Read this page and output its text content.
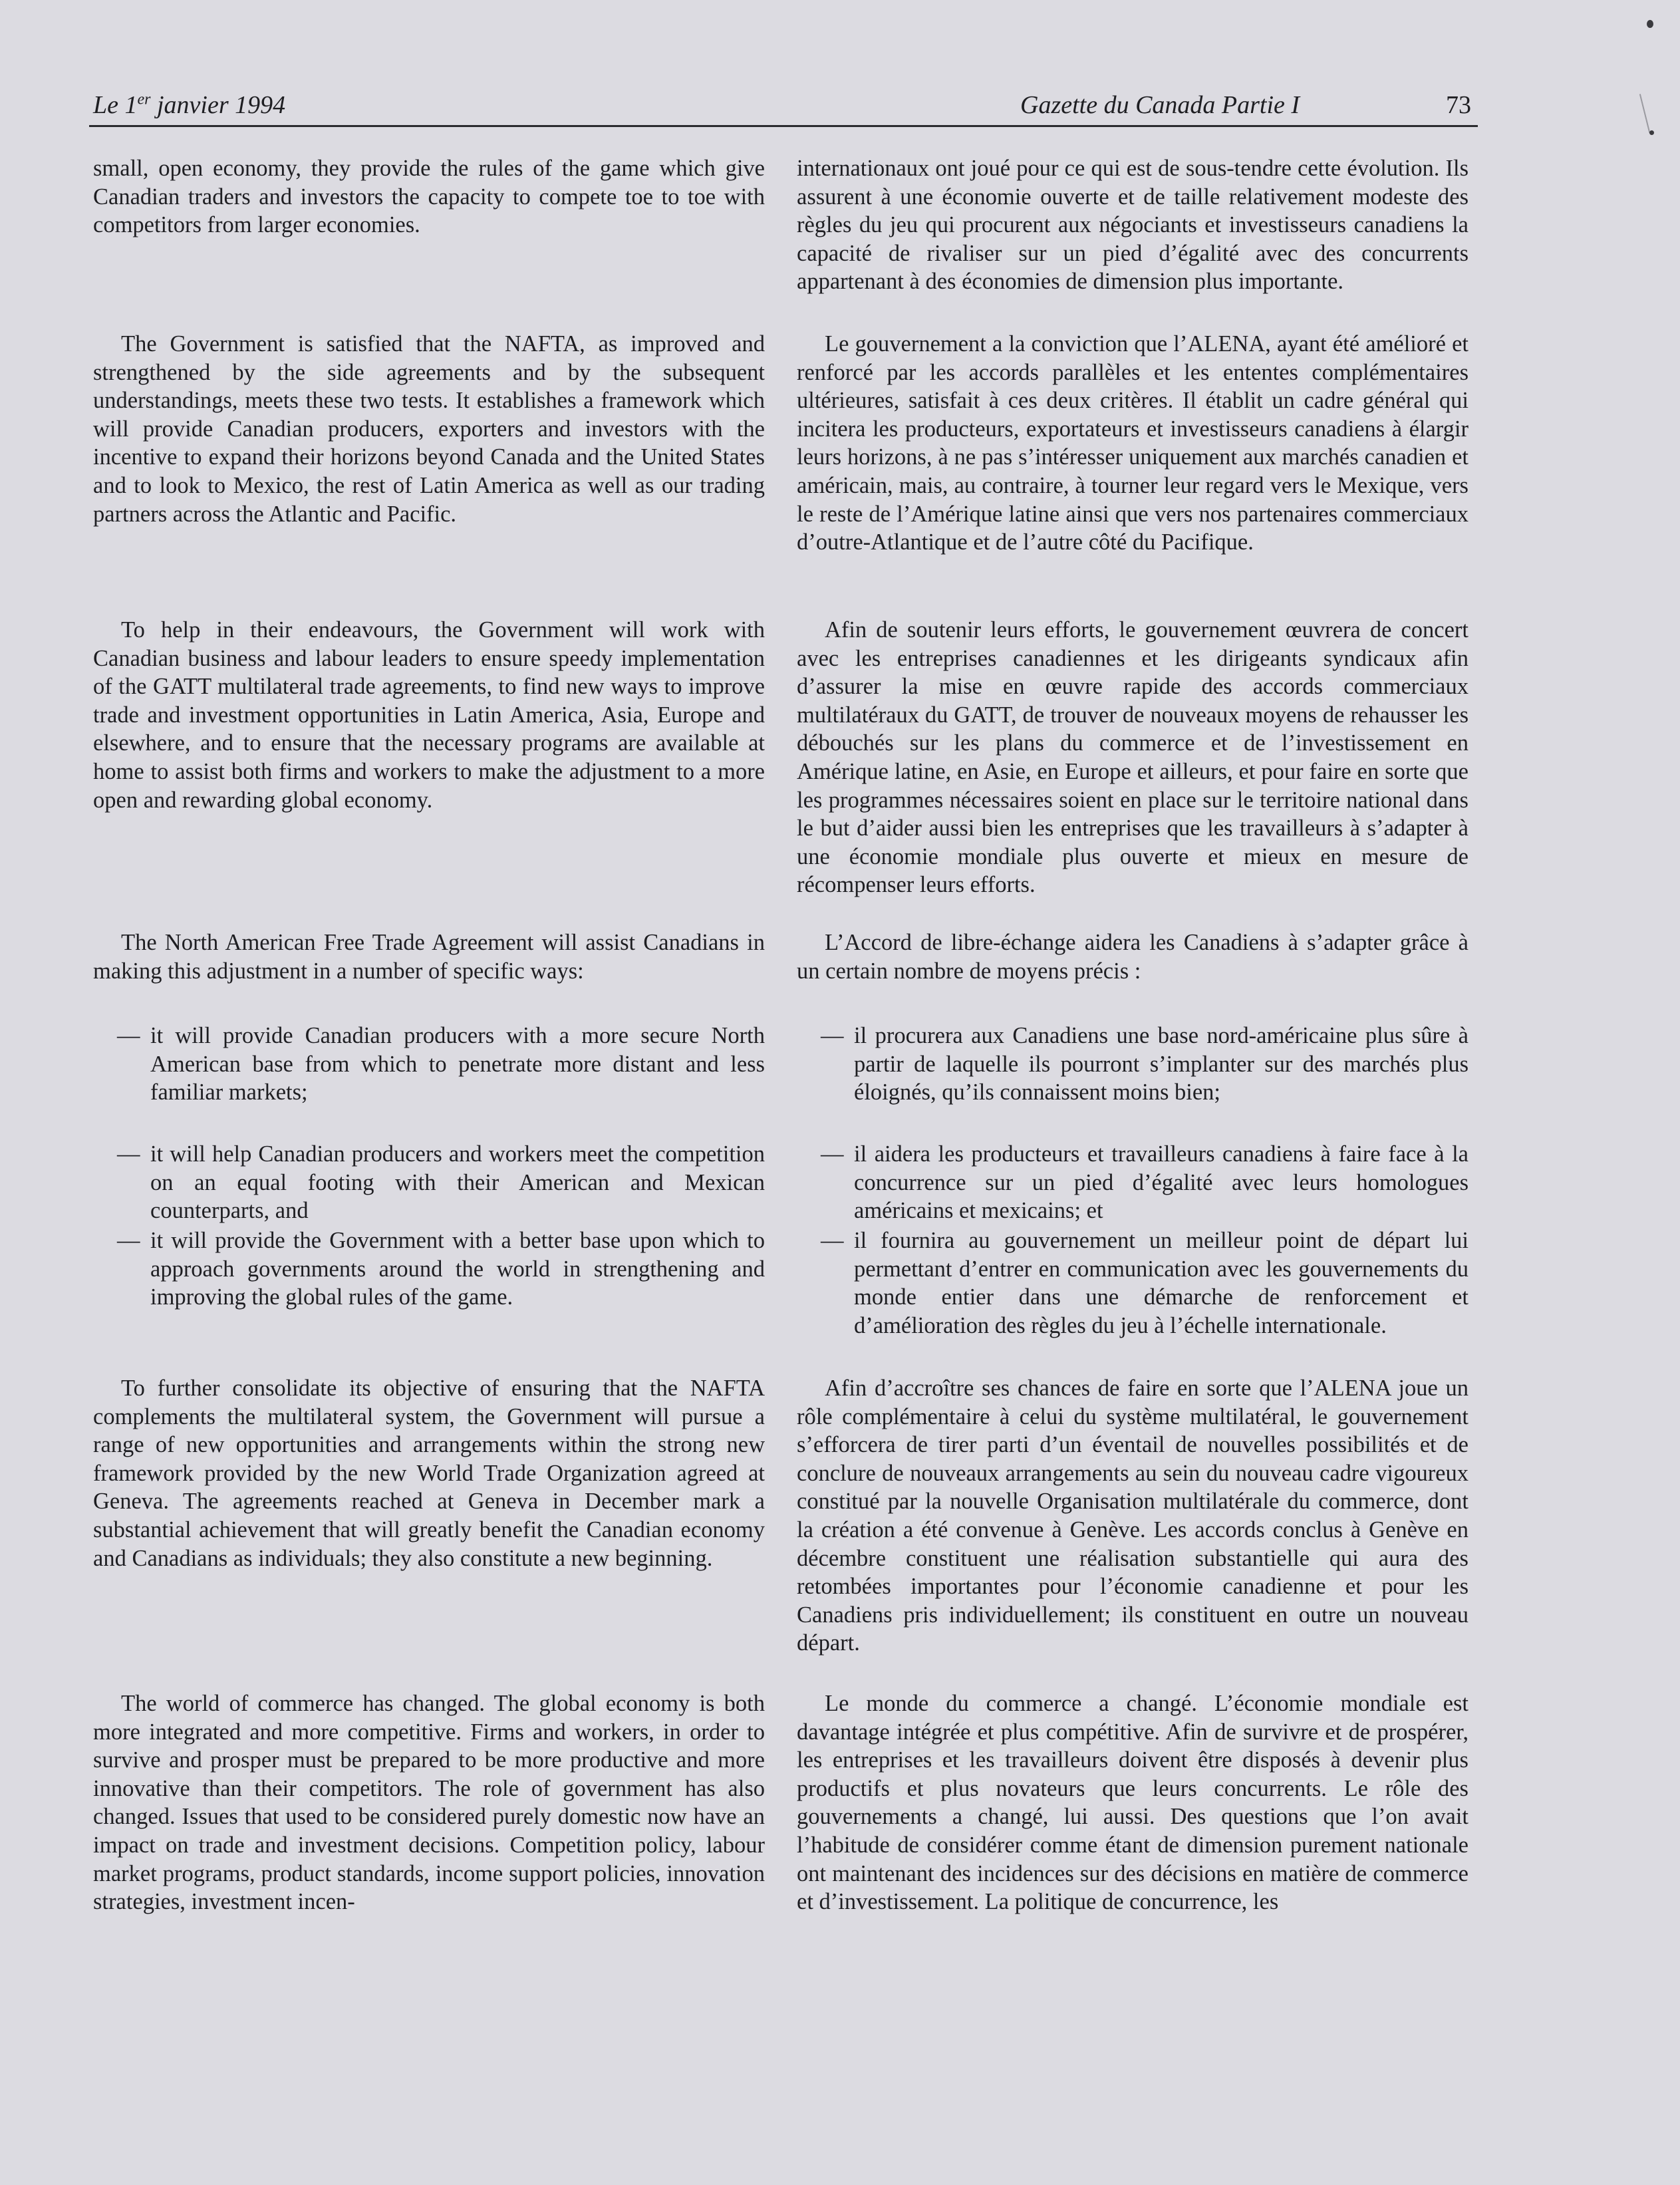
Le 1er janvier 1994	Gazette du Canada Partie I	73

small, open economy, they provide the rules of the game which give Canadian traders and investors the capacity to compete toe to toe with competitors from larger economies.

The Government is satisfied that the NAFTA, as improved and strengthened by the side agreements and by the subsequent understandings, meets these two tests. It establishes a framework which will provide Canadian producers, exporters and investors with the incentive to expand their horizons beyond Canada and the United States and to look to Mexico, the rest of Latin America as well as our trading partners across the Atlantic and Pacific.

To help in their endeavours, the Government will work with Canadian business and labour leaders to ensure speedy implementation of the GATT multilateral trade agreements, to find new ways to improve trade and investment opportunities in Latin America, Asia, Europe and elsewhere, and to ensure that the necessary programs are available at home to assist both firms and workers to make the adjustment to a more open and rewarding global economy.

The North American Free Trade Agreement will assist Canadians in making this adjustment in a number of specific ways:

— it will provide Canadian producers with a more secure North American base from which to penetrate more distant and less familiar markets;
— it will help Canadian producers and workers meet the competition on an equal footing with their American and Mexican counterparts, and
— it will provide the Government with a better base upon which to approach governments around the world in strengthening and improving the global rules of the game.

To further consolidate its objective of ensuring that the NAFTA complements the multilateral system, the Government will pursue a range of new opportunities and arrangements within the strong new framework provided by the new World Trade Organization agreed at Geneva. The agreements reached at Geneva in December mark a substantial achievement that will greatly benefit the Canadian economy and Canadians as individuals; they also constitute a new beginning.

The world of commerce has changed. The global economy is both more integrated and more competitive. Firms and workers, in order to survive and prosper must be prepared to be more productive and more innovative than their competitors. The role of government has also changed. Issues that used to be considered purely domestic now have an impact on trade and investment decisions. Competition policy, labour market programs, product standards, income support policies, innovation strategies, investment incen-

internationaux ont joué pour ce qui est de sous-tendre cette évolution. Ils assurent à une économie ouverte et de taille relativement modeste des règles du jeu qui procurent aux négociants et investisseurs canadiens la capacité de rivaliser sur un pied d’égalité avec des concurrents appartenant à des économies de dimension plus importante.

Le gouvernement a la conviction que l’ALENA, ayant été amélioré et renforcé par les accords parallèles et les ententes complémentaires ultérieures, satisfait à ces deux critères. Il établit un cadre général qui incitera les producteurs, exportateurs et investisseurs canadiens à élargir leurs horizons, à ne pas s’intéresser uniquement aux marchés canadien et américain, mais, au contraire, à tourner leur regard vers le Mexique, vers le reste de l’Amérique latine ainsi que vers nos partenaires commerciaux d’outre-Atlantique et de l’autre côté du Pacifique.

Afin de soutenir leurs efforts, le gouvernement œuvrera de concert avec les entreprises canadiennes et les dirigeants syndicaux afin d’assurer la mise en œuvre rapide des accords commerciaux multilatéraux du GATT, de trouver de nouveaux moyens de rehausser les débouchés sur les plans du commerce et de l’investissement en Amérique latine, en Asie, en Europe et ailleurs, et pour faire en sorte que les programmes nécessaires soient en place sur le territoire national dans le but d’aider aussi bien les entreprises que les travailleurs à s’adapter à une économie mondiale plus ouverte et mieux en mesure de récompenser leurs efforts.

L’Accord de libre-échange aidera les Canadiens à s’adapter grâce à un certain nombre de moyens précis :

— il procurera aux Canadiens une base nord-américaine plus sûre à partir de laquelle ils pourront s’implanter sur des marchés plus éloignés, qu’ils connaissent moins bien;
— il aidera les producteurs et travailleurs canadiens à faire face à la concurrence sur un pied d’égalité avec leurs homologues américains et mexicains; et
— il fournira au gouvernement un meilleur point de départ lui permettant d’entrer en communication avec les gouvernements du monde entier dans une démarche de renforcement et d’amélioration des règles du jeu à l’échelle internationale.

Afin d’accroître ses chances de faire en sorte que l’ALENA joue un rôle complémentaire à celui du système multilatéral, le gouvernement s’efforcera de tirer parti d’un éventail de nouvelles possibilités et de conclure de nouveaux arrangements au sein du nouveau cadre vigoureux constitué par la nouvelle Organisation multilatérale du commerce, dont la création a été convenue à Genève. Les accords conclus à Genève en décembre constituent une réalisation substantielle qui aura des retombées importantes pour l’économie canadienne et pour les Canadiens pris individuellement; ils constituent en outre un nouveau départ.

Le monde du commerce a changé. L’économie mondiale est davantage intégrée et plus compétitive. Afin de survivre et de prospérer, les entreprises et les travailleurs doivent être disposés à devenir plus productifs et plus novateurs que leurs concurrents. Le rôle des gouvernements a changé, lui aussi. Des questions que l’on avait l’habitude de considérer comme étant de dimension purement nationale ont maintenant des incidences sur des décisions en matière de commerce et d’investissement. La politique de concurrence, les
